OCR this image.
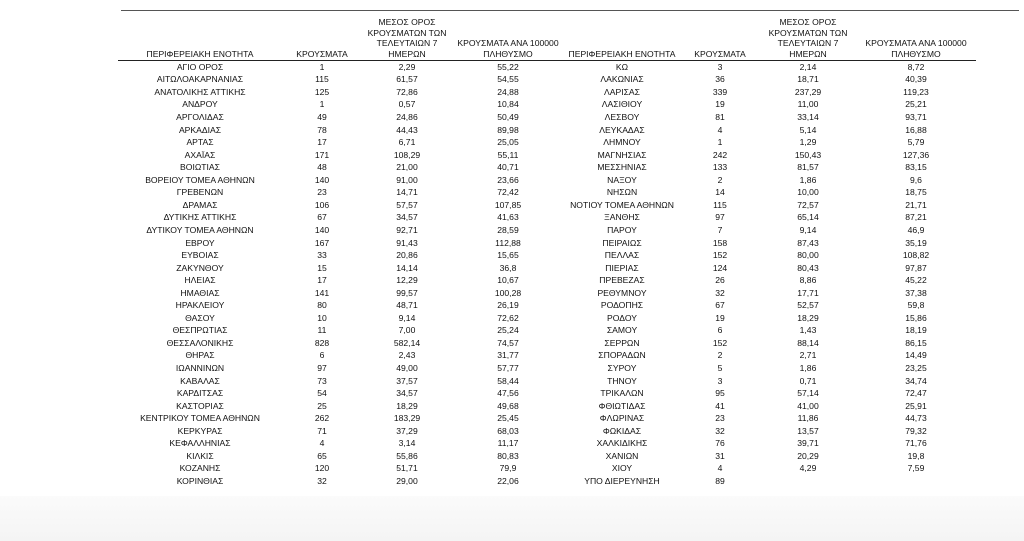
ΠΕΡΙΦΕΡΕΙΑΚΗ ΕΝΟΤΗΤΑ	ΚΡΟΥΣΜΑΤΑ	ΜΕΣΟΣ ΟΡΟΣ ΚΡΟΥΣΜΑΤΩΝ ΤΩΝ ΤΕΛΕΥΤΑΙΩΝ 7 ΗΜΕΡΩΝ	ΚΡΟΥΣΜΑΤΑ ΑΝΑ 100000 ΠΛΗΘΥΣΜΟ	ΠΕΡΙΦΕΡΕΙΑΚΗ ΕΝΟΤΗΤΑ	ΚΡΟΥΣΜΑΤΑ	ΜΕΣΟΣ ΟΡΟΣ ΚΡΟΥΣΜΑΤΩΝ ΤΩΝ ΤΕΛΕΥΤΑΙΩΝ 7 ΗΜΕΡΩΝ	ΚΡΟΥΣΜΑΤΑ ΑΝΑ 100000 ΠΛΗΘΥΣΜΟ
ΑΓΙΟ ΟΡΟΣ	1	2,29	55,22	ΚΩ	3	2,14	8,72
ΑΙΤΩΛΟΑΚΑΡΝΑΝΙΑΣ	115	61,57	54,55	ΛΑΚΩΝΙΑΣ	36	18,71	40,39
ΑΝΑΤΟΛΙΚΗΣ ΑΤΤΙΚΗΣ	125	72,86	24,88	ΛΑΡΙΣΑΣ	339	237,29	119,23
ΑΝΔΡΟΥ	1	0,57	10,84	ΛΑΣΙΘΙΟΥ	19	11,00	25,21
ΑΡΓΟΛΙΔΑΣ	49	24,86	50,49	ΛΕΣΒΟΥ	81	33,14	93,71
ΑΡΚΑΔΙΑΣ	78	44,43	89,98	ΛΕΥΚΑΔΑΣ	4	5,14	16,88
ΑΡΤΑΣ	17	6,71	25,05	ΛΗΜΝΟΥ	1	1,29	5,79
ΑΧΑΪΑΣ	171	108,29	55,11	ΜΑΓΝΗΣΙΑΣ	242	150,43	127,36
ΒΟΙΩΤΙΑΣ	48	21,00	40,71	ΜΕΣΣΗΝΙΑΣ	133	81,57	83,15
ΒΟΡΕΙΟΥ ΤΟΜΕΑ ΑΘΗΝΩΝ	140	91,00	23,66	ΝΑΞΟΥ	2	1,86	9,6
ΓΡΕΒΕΝΩΝ	23	14,71	72,42	ΝΗΣΩΝ	14	10,00	18,75
ΔΡΑΜΑΣ	106	57,57	107,85	ΝΟΤΙΟΥ ΤΟΜΕΑ ΑΘΗΝΩΝ	115	72,57	21,71
ΔΥΤΙΚΗΣ ΑΤΤΙΚΗΣ	67	34,57	41,63	ΞΑΝΘΗΣ	97	65,14	87,21
ΔΥΤΙΚΟΥ ΤΟΜΕΑ ΑΘΗΝΩΝ	140	92,71	28,59	ΠΑΡΟΥ	7	9,14	46,9
ΕΒΡΟΥ	167	91,43	112,88	ΠΕΙΡΑΙΩΣ	158	87,43	35,19
ΕΥΒΟΙΑΣ	33	20,86	15,65	ΠΕΛΛΑΣ	152	80,00	108,82
ΖΑΚΥΝΘΟΥ	15	14,14	36,8	ΠΙΕΡΙΑΣ	124	80,43	97,87
ΗΛΕΙΑΣ	17	12,29	10,67	ΠΡΕΒΕΖΑΣ	26	8,86	45,22
ΗΜΑΘΙΑΣ	141	99,57	100,28	ΡΕΘΥΜΝΟΥ	32	17,71	37,38
ΗΡΑΚΛΕΙΟΥ	80	48,71	26,19	ΡΟΔΟΠΗΣ	67	52,57	59,8
ΘΑΣΟΥ	10	9,14	72,62	ΡΟΔΟΥ	19	18,29	15,86
ΘΕΣΠΡΩΤΙΑΣ	11	7,00	25,24	ΣΑΜΟΥ	6	1,43	18,19
ΘΕΣΣΑΛΟΝΙΚΗΣ	828	582,14	74,57	ΣΕΡΡΩΝ	152	88,14	86,15
ΘΗΡΑΣ	6	2,43	31,77	ΣΠΟΡΑΔΩΝ	2	2,71	14,49
ΙΩΑΝΝΙΝΩΝ	97	49,00	57,77	ΣΥΡΟΥ	5	1,86	23,25
ΚΑΒΑΛΑΣ	73	37,57	58,44	ΤΗΝΟΥ	3	0,71	34,74
ΚΑΡΔΙΤΣΑΣ	54	34,57	47,56	ΤΡΙΚΑΛΩΝ	95	57,14	72,47
ΚΑΣΤΟΡΙΑΣ	25	18,29	49,68	ΦΘΙΩΤΙΔΑΣ	41	41,00	25,91
ΚΕΝΤΡΙΚΟΥ ΤΟΜΕΑ ΑΘΗΝΩΝ	262	183,29	25,45	ΦΛΩΡΙΝΑΣ	23	11,86	44,73
ΚΕΡΚΥΡΑΣ	71	37,29	68,03	ΦΩΚΙΔΑΣ	32	13,57	79,32
ΚΕΦΑΛΛΗΝΙΑΣ	4	3,14	11,17	ΧΑΛΚΙΔΙΚΗΣ	76	39,71	71,76
ΚΙΛΚΙΣ	65	55,86	80,83	ΧΑΝΙΩΝ	31	20,29	19,8
ΚΟΖΑΝΗΣ	120	51,71	79,9	ΧΙΟΥ	4	4,29	7,59
ΚΟΡΙΝΘΙΑΣ	32	29,00	22,06	ΥΠΟ ΔΙΕΡΕΥΝΗΣΗ	89		
